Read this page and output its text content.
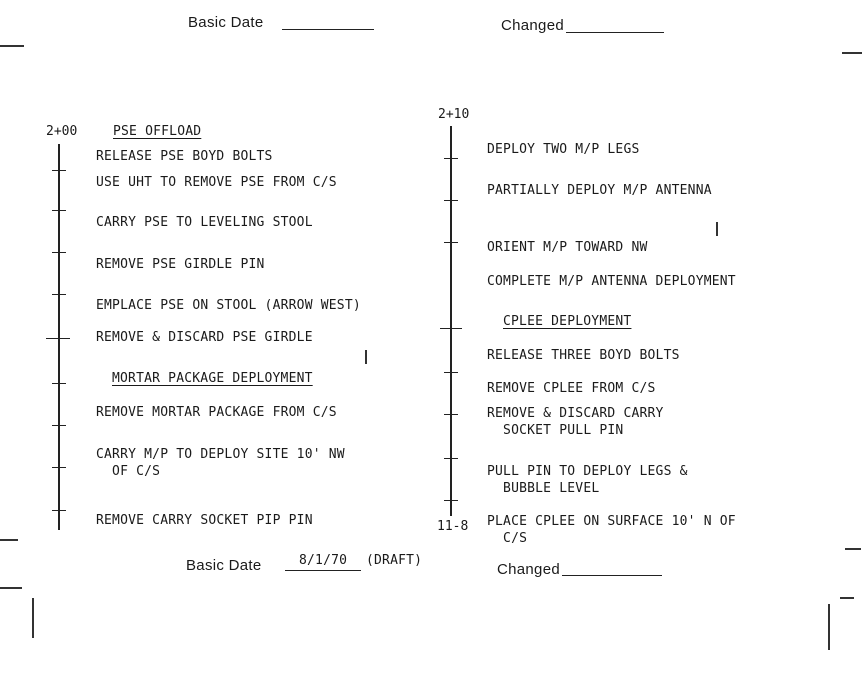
Basic Date	Changed
2+00	PSE OFFLOAD
RELEASE PSE BOYD BOLTS
USE UHT TO REMOVE PSE FROM C/S
CARRY PSE TO LEVELING STOOL
REMOVE PSE GIRDLE PIN
EMPLACE PSE ON STOOL (ARROW WEST)
REMOVE & DISCARD PSE GIRDLE
MORTAR PACKAGE DEPLOYMENT
REMOVE MORTAR PACKAGE FROM C/S
CARRY M/P TO DEPLOY SITE 10' NW
OF C/S
REMOVE CARRY SOCKET PIP PIN
2+10
11-8
DEPLOY TWO M/P LEGS
PARTIALLY DEPLOY M/P ANTENNA
ORIENT M/P TOWARD NW
COMPLETE M/P ANTENNA DEPLOYMENT
CPLEE DEPLOYMENT
RELEASE THREE BOYD BOLTS
REMOVE CPLEE FROM C/S
REMOVE & DISCARD CARRY
SOCKET PULL PIN
PULL PIN TO DEPLOY LEGS &
BUBBLE LEVEL
PLACE CPLEE ON SURFACE 10' N OF
C/S
Basic Date	8/1/70	(DRAFT)
Changed
